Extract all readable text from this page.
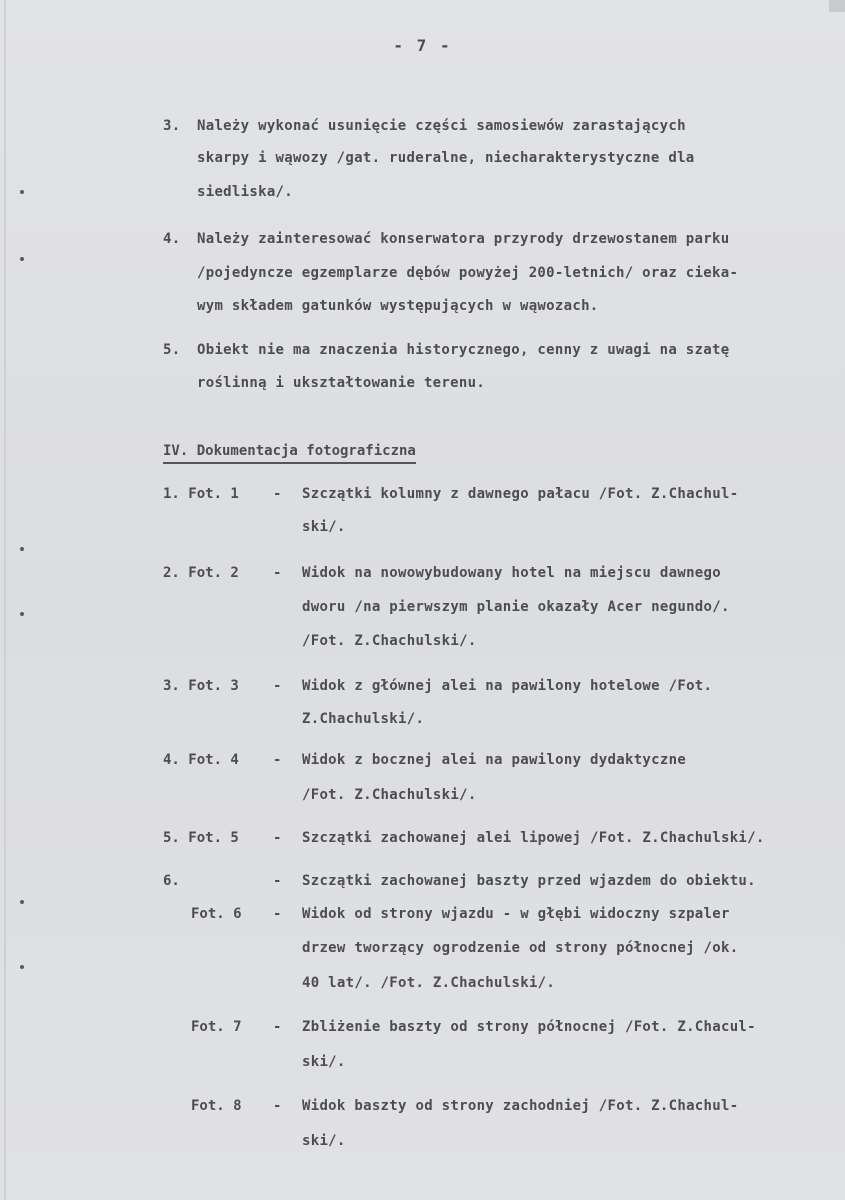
- 7 -
3. Należy wykonać usunięcie części samosiewów zarastających
skarpy i wąwozy /gat. ruderalne, niecharakterystyczne dla
siedliska/.
4. Należy zainteresować konserwatora przyrody drzewostanem parku
/pojedyncze egzemplarze dębów powyżej 200-letnich/ oraz cieka-
wym składem gatunków występujących w wąwozach.
5. Obiekt nie ma znaczenia historycznego, cenny z uwagi na szatę
roślinną i ukształtowanie terenu.
IV. Dokumentacja fotograficzna
1. Fot. 1 - Szczątki kolumny z dawnego pałacu /Fot. Z.Chachul-
ski/.
2. Fot. 2 - Widok na nowowybudowany hotel na miejscu dawnego
dworu /na pierwszym planie okazały Acer negundo/.
/Fot. Z.Chachulski/.
3. Fot. 3 - Widok z głównej alei na pawilony hotelowe /Fot.
Z.Chachulski/.
4. Fot. 4 - Widok z bocznej alei na pawilony dydaktyczne
/Fot. Z.Chachulski/.
5. Fot. 5 - Szczątki zachowanej alei lipowej /Fot. Z.Chachulski/.
6.	- Szczątki zachowanej baszty przed wjazdem do obiektu.
Fot. 6 - Widok od strony wjazdu - w głębi widoczny szpaler
drzew tworzący ogrodzenie od strony północnej /ok.
40 lat/. /Fot. Z.Chachulski/.
Fot. 7 - Zbliżenie baszty od strony północnej /Fot. Z.Chacul-
ski/.
Fot. 8 - Widok baszty od strony zachodniej /Fot. Z.Chachul-
ski/.
